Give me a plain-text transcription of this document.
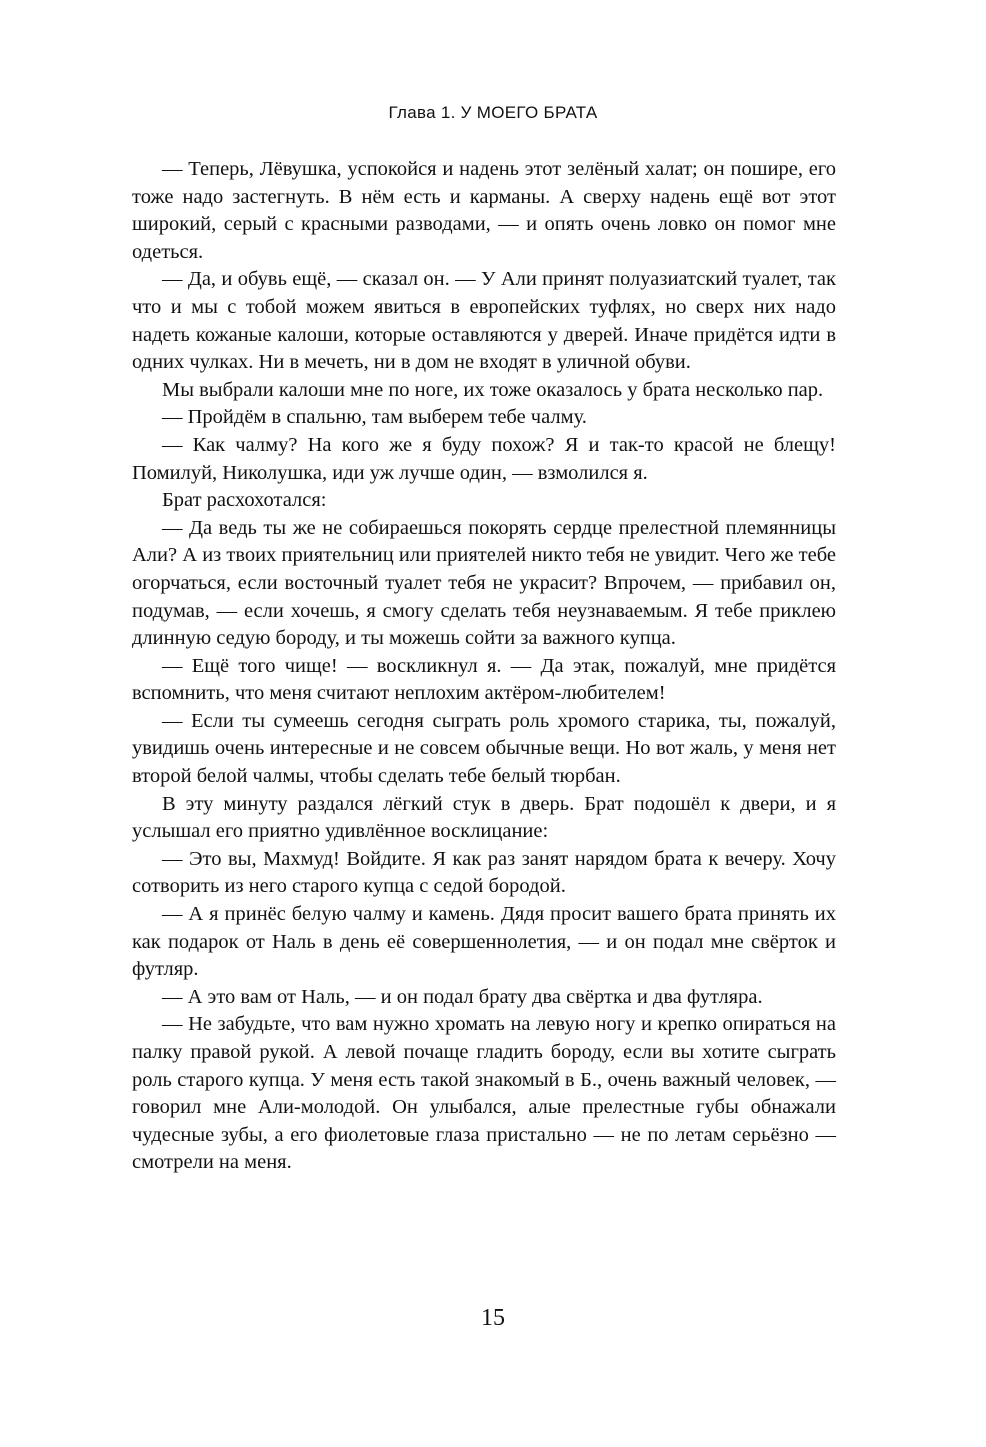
Глава 1. У МОЕГО БРАТА

— Теперь, Лёвушка, успокойся и надень этот зелёный халат; он пошире, его тоже надо застегнуть. В нём есть и карманы. А сверху надень ещё вот этот широкий, серый с красными разводами, — и опять очень ловко он помог мне одеться.

— Да, и обувь ещё, — сказал он. — У Али принят полуазиатский туалет, так что и мы с тобой можем явиться в европейских туфлях, но сверх них надо надеть кожаные калоши, которые оставляются у дверей. Иначе придётся идти в одних чулках. Ни в мечеть, ни в дом не входят в уличной обуви.

Мы выбрали калоши мне по ноге, их тоже оказалось у брата несколько пар.

— Пройдём в спальню, там выберем тебе чалму.

— Как чалму? На кого же я буду похож? Я и так-то красой не блещу! Помилуй, Николушка, иди уж лучше один, — взмолился я.

Брат расхохотался:

— Да ведь ты же не собираешься покорять сердце прелестной племянницы Али? А из твоих приятельниц или приятелей никто тебя не увидит. Чего же тебе огорчаться, если восточный туалет тебя не украсит? Впрочем, — прибавил он, подумав, — если хочешь, я смогу сделать тебя неузнаваемым. Я тебе приклею длинную седую бороду, и ты можешь сойти за важного купца.

— Ещё того чище! — воскликнул я. — Да этак, пожалуй, мне придётся вспомнить, что меня считают неплохим актёром-любителем!

— Если ты сумеешь сегодня сыграть роль хромого старика, ты, пожалуй, увидишь очень интересные и не совсем обычные вещи. Но вот жаль, у меня нет второй белой чалмы, чтобы сделать тебе белый тюрбан.

В эту минуту раздался лёгкий стук в дверь. Брат подошёл к двери, и я услышал его приятно удивлённое восклицание:

— Это вы, Махмуд! Войдите. Я как раз занят нарядом брата к вечеру. Хочу сотворить из него старого купца с седой бородой.

— А я принёс белую чалму и камень. Дядя просит вашего брата принять их как подарок от Наль в день её совершеннолетия, — и он подал мне свёрток и футляр.

— А это вам от Наль, — и он подал брату два свёртка и два футляра.

— Не забудьте, что вам нужно хромать на левую ногу и крепко опираться на палку правой рукой. А левой почаще гладить бороду, если вы хотите сыграть роль старого купца. У меня есть такой знакомый в Б., очень важный человек, — говорил мне Али-молодой. Он улыбался, алые прелестные губы обнажали чудесные зубы, а его фиолетовые глаза пристально — не по летам серьёзно — смотрели на меня.

15
